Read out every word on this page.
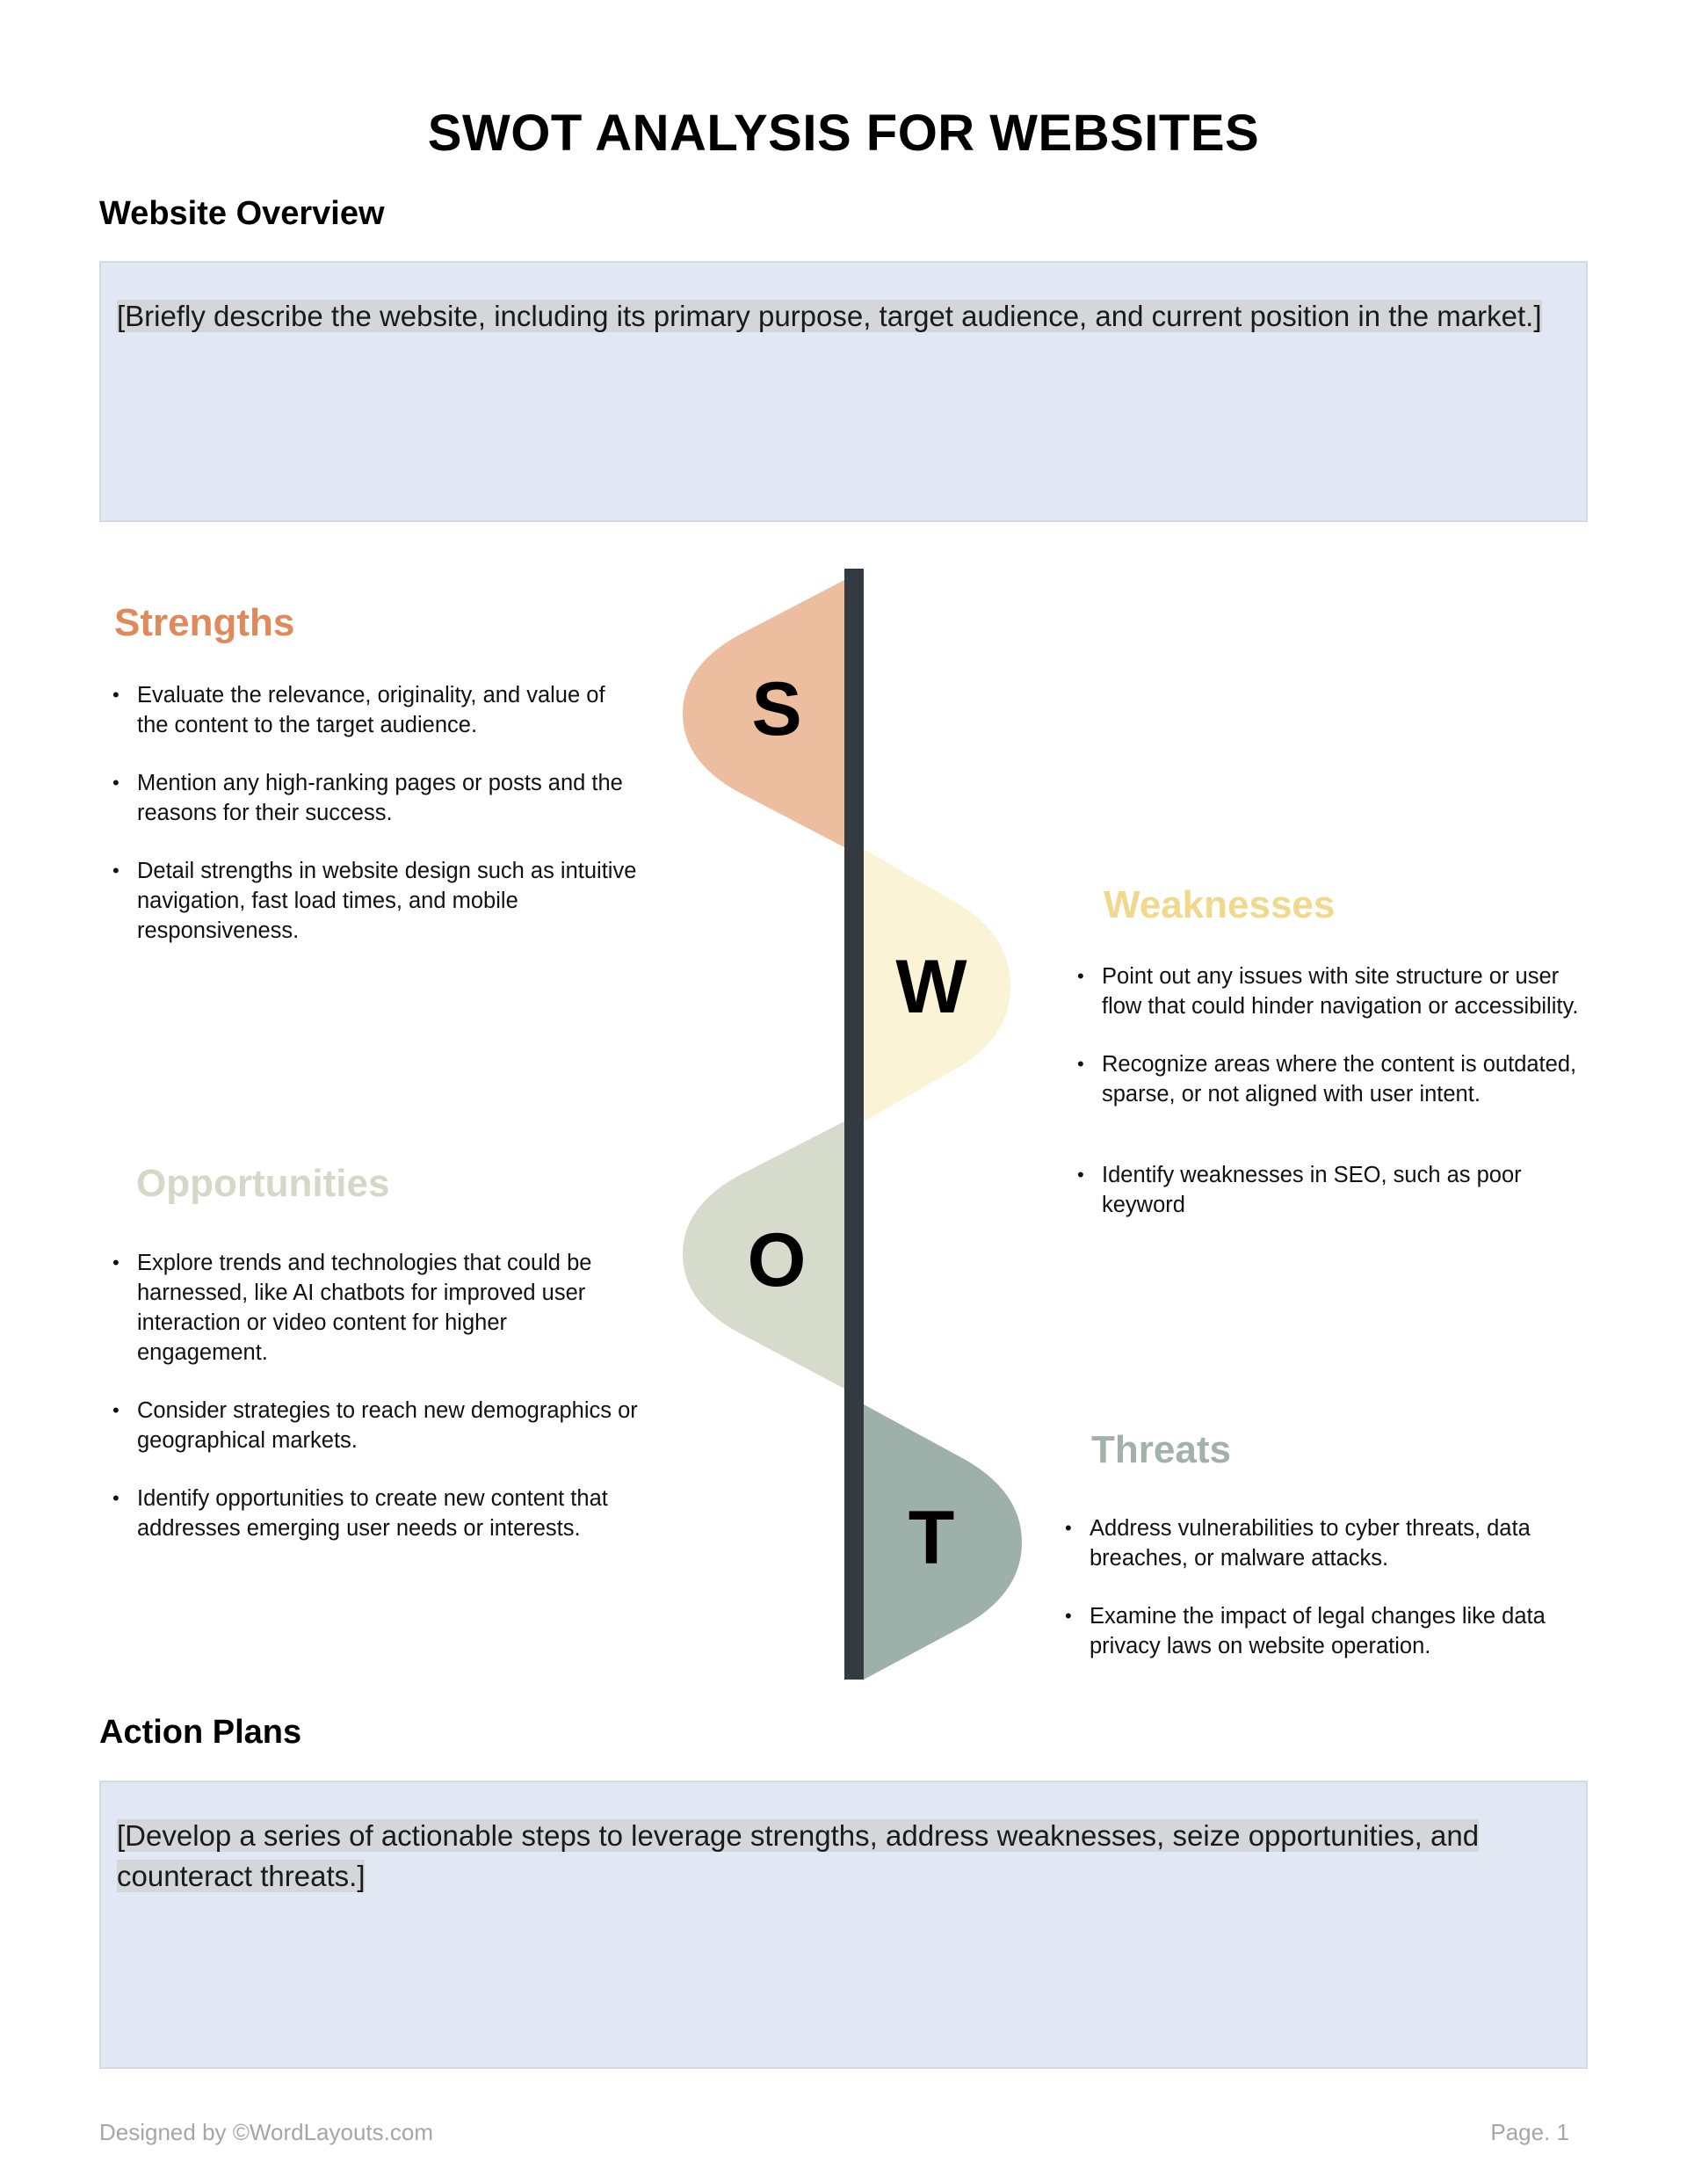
SWOT ANALYSIS FOR WEBSITES
Website Overview
[Briefly describe the website, including its primary purpose, target audience, and current position in the market.]
S
W
O
T
Strengths
• Evaluate the relevance, originality, and value of the content to the target audience.
• Mention any high-ranking pages or posts and the reasons for their success.
• Detail strengths in website design such as intuitive navigation, fast load times, and mobile responsiveness.
Weaknesses
• Point out any issues with site structure or user flow that could hinder navigation or accessibility.
• Recognize areas where the content is outdated, sparse, or not aligned with user intent.
• Identify weaknesses in SEO, such as poor keyword
Opportunities
• Explore trends and technologies that could be harnessed, like AI chatbots for improved user interaction or video content for higher engagement.
• Consider strategies to reach new demographics or geographical markets.
• Identify opportunities to create new content that addresses emerging user needs or interests.
Threats
• Address vulnerabilities to cyber threats, data breaches, or malware attacks.
• Examine the impact of legal changes like data privacy laws on website operation.
Action Plans
[Develop a series of actionable steps to leverage strengths, address weaknesses, seize opportunities, and counteract threats.]
Designed by ©WordLayouts.com	Page. 1
